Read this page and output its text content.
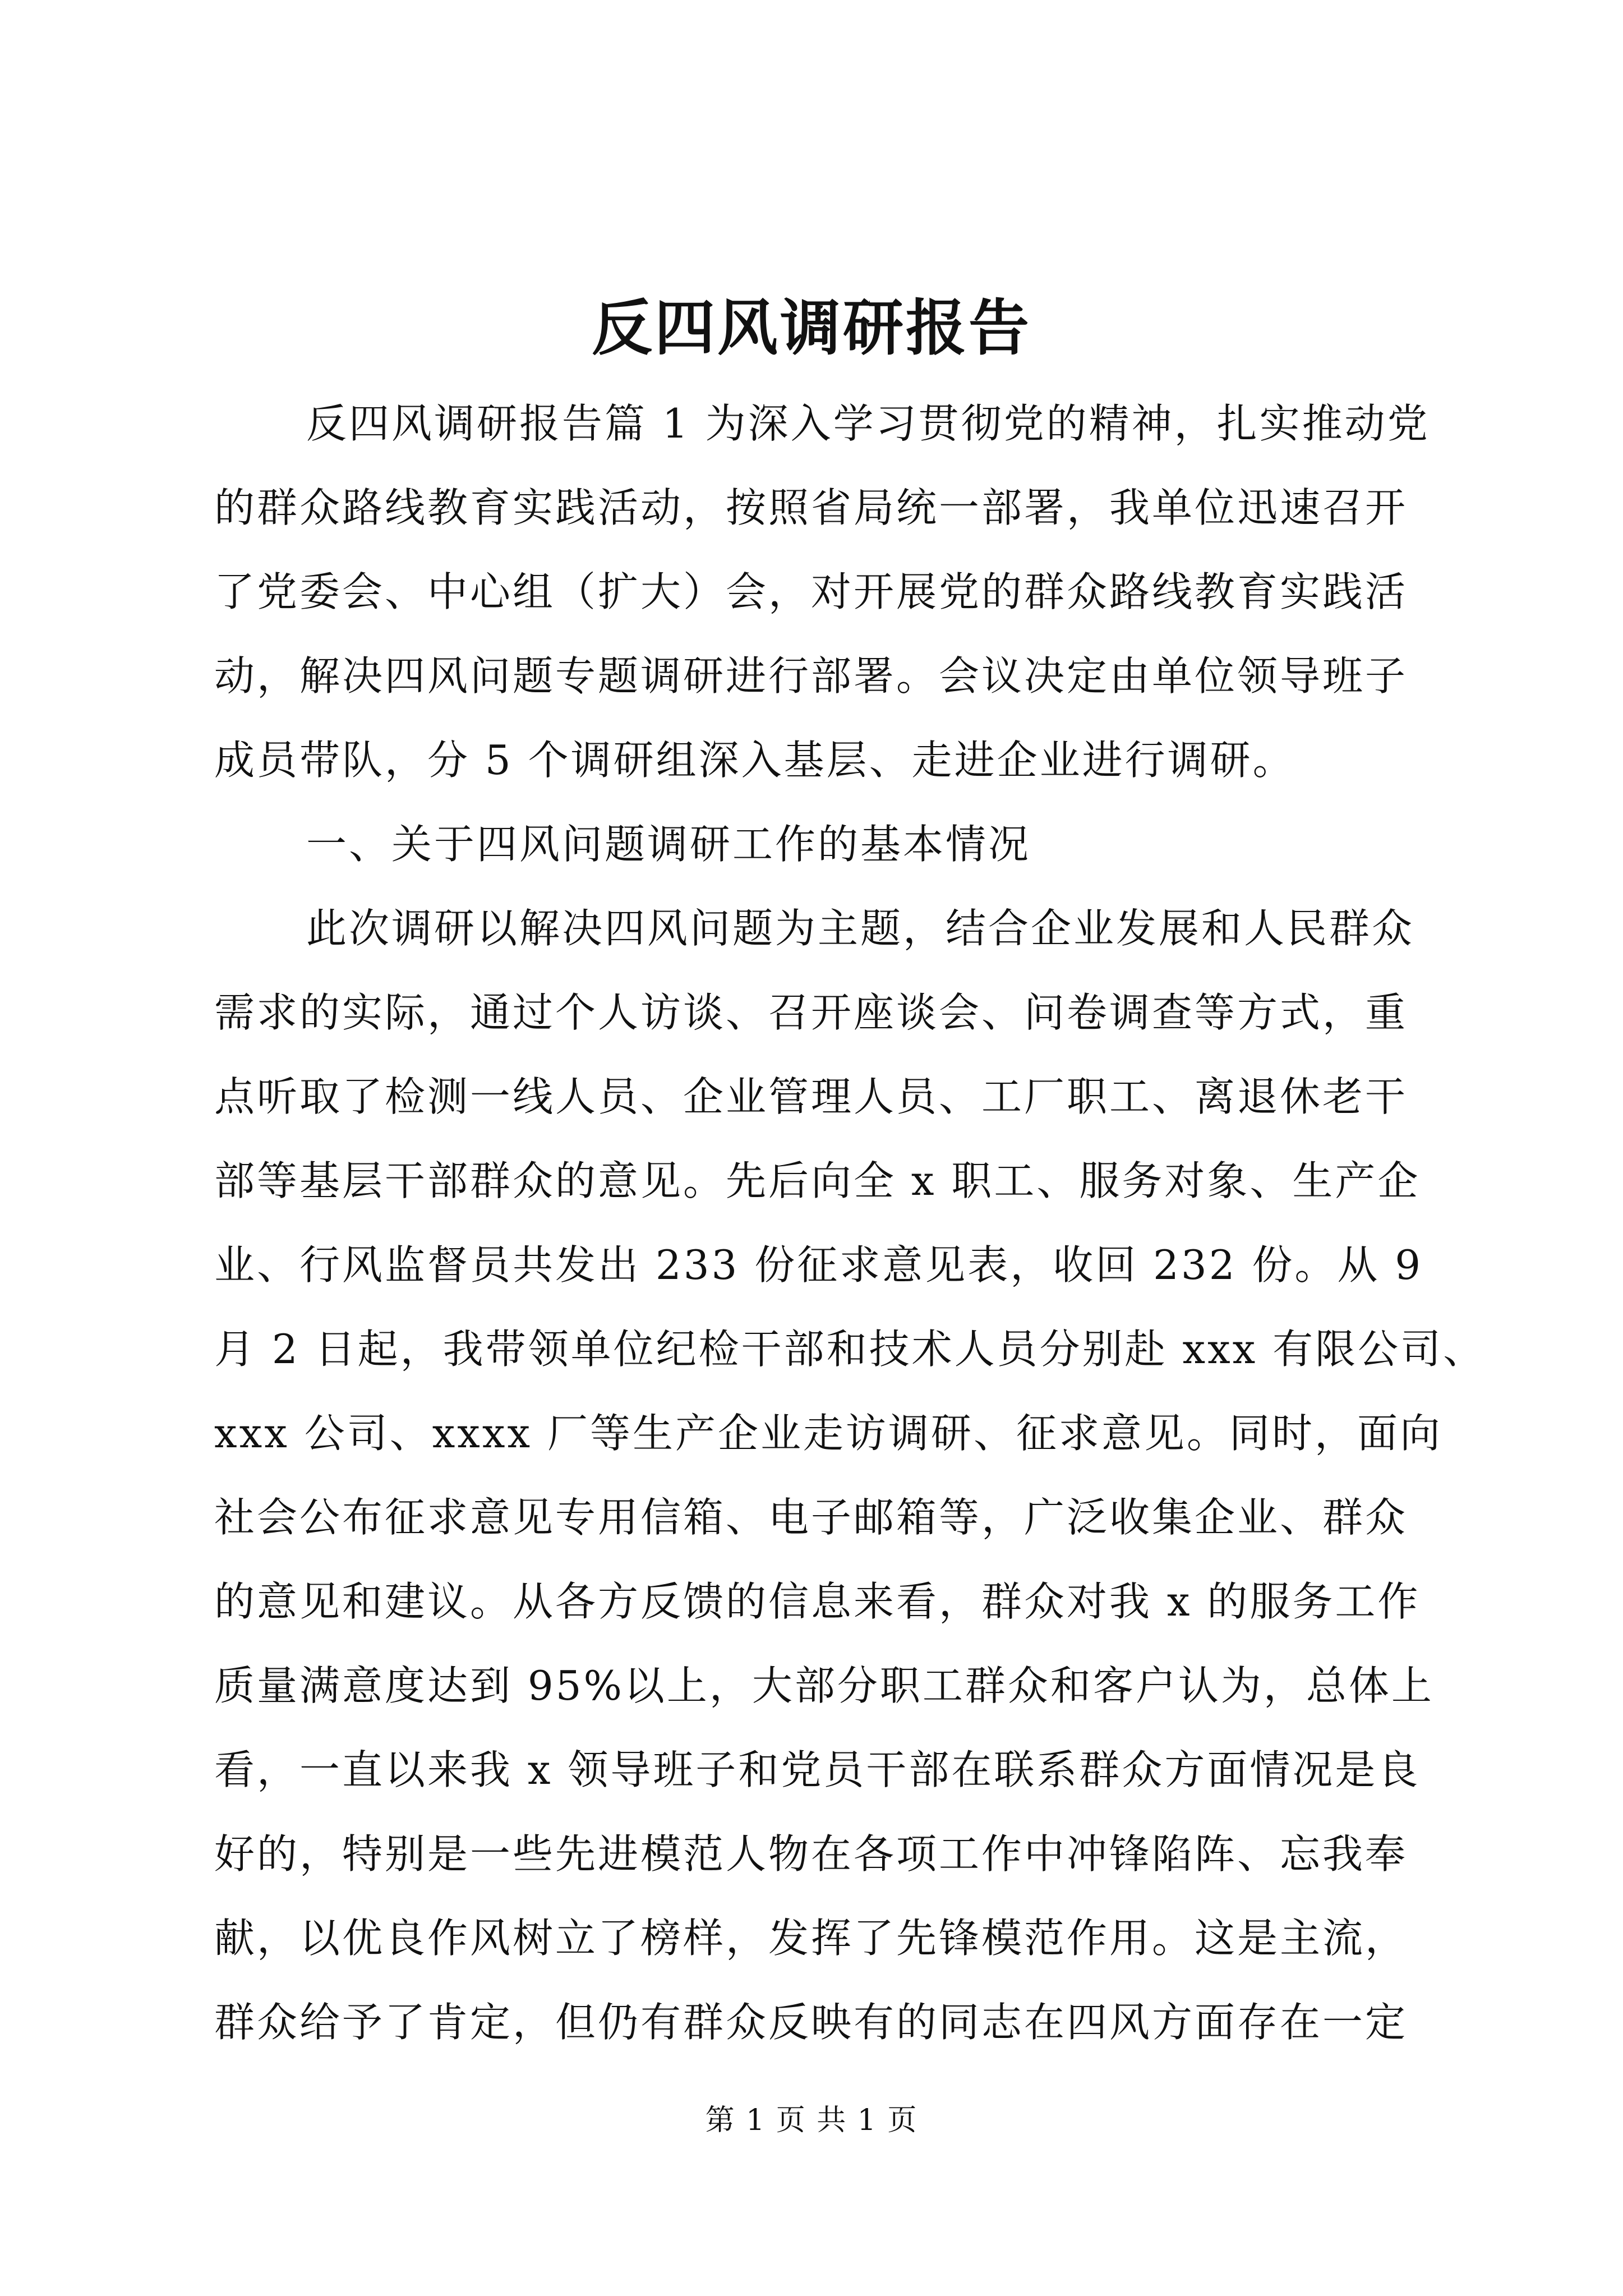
反四风调研报告
反四风调研报告篇 1 为深入学习贯彻党的精神，扎实推动党
的群众路线教育实践活动，按照省局统一部署，我单位迅速召开
了党委会、中心组（扩大）会，对开展党的群众路线教育实践活
动，解决四风问题专题调研进行部署。会议决定由单位领导班子
成员带队，分 5 个调研组深入基层、走进企业进行调研。
一、关于四风问题调研工作的基本情况
此次调研以解决四风问题为主题，结合企业发展和人民群众
需求的实际，通过个人访谈、召开座谈会、问卷调查等方式，重
点听取了检测一线人员、企业管理人员、工厂职工、离退休老干
部等基层干部群众的意见。先后向全 x 职工、服务对象、生产企
业、行风监督员共发出 233 份征求意见表，收回 232 份。从 9
月 2 日起，我带领单位纪检干部和技术人员分别赴 xxx 有限公司、
xxx 公司、xxxx 厂等生产企业走访调研、征求意见。同时，面向
社会公布征求意见专用信箱、电子邮箱等，广泛收集企业、群众
的意见和建议。从各方反馈的信息来看，群众对我 x 的服务工作
质量满意度达到 95%以上，大部分职工群众和客户认为，总体上
看，一直以来我 x 领导班子和党员干部在联系群众方面情况是良
好的，特别是一些先进模范人物在各项工作中冲锋陷阵、忘我奉
献，以优良作风树立了榜样，发挥了先锋模范作用。这是主流，
群众给予了肯定，但仍有群众反映有的同志在四风方面存在一定
第 1 页 共 1 页
